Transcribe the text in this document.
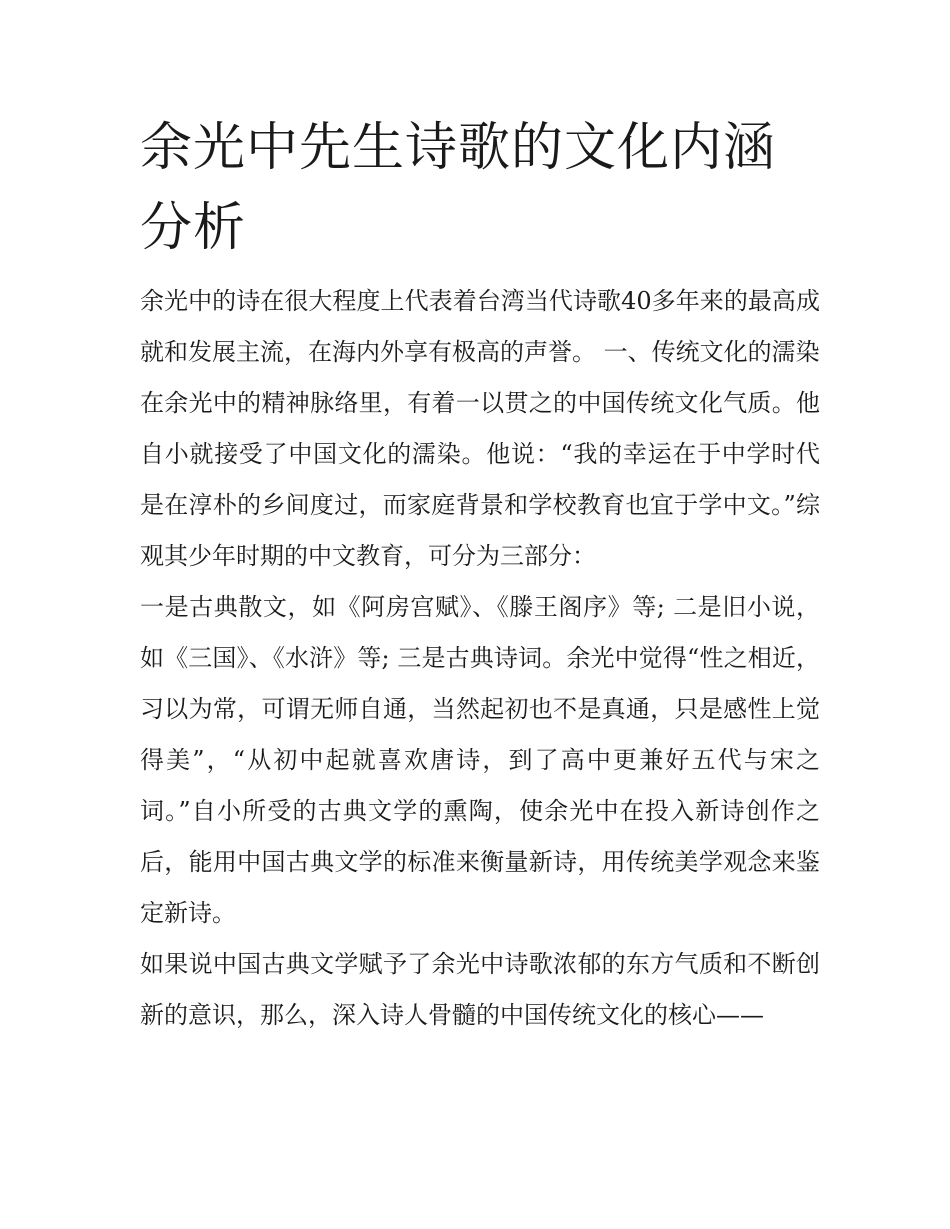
余光中先生诗歌的文化内涵分析

余光中的诗在很大程度上代表着台湾当代诗歌40多年来的最高成就和发展主流，在海内外享有极高的声誉。 一、传统文化的濡染

在余光中的精神脉络里，有着一以贯之的中国传统文化气质。他自小就接受了中国文化的濡染。他说：“我的幸运在于中学时代是在淳朴的乡间度过，而家庭背景和学校教育也宜于学中文。”综观其少年时期的中文教育，可分为三部分：

一是古典散文，如《阿房宫赋》、《滕王阁序》等; 二是旧小说，如《三国》、《水浒》等; 三是古典诗词。余光中觉得“性之相近，习以为常，可谓无师自通，当然起初也不是真通，只是感性上觉得美”，“从初中起就喜欢唐诗，到了高中更兼好五代与宋之词。”自小所受的古典文学的熏陶，使余光中在投入新诗创作之后，能用中国古典文学的标准来衡量新诗，用传统美学观念来鉴定新诗。

如果说中国古典文学赋予了余光中诗歌浓郁的东方气质和不断创新的意识，那么，深入诗人骨髓的中国传统文化的核心——
